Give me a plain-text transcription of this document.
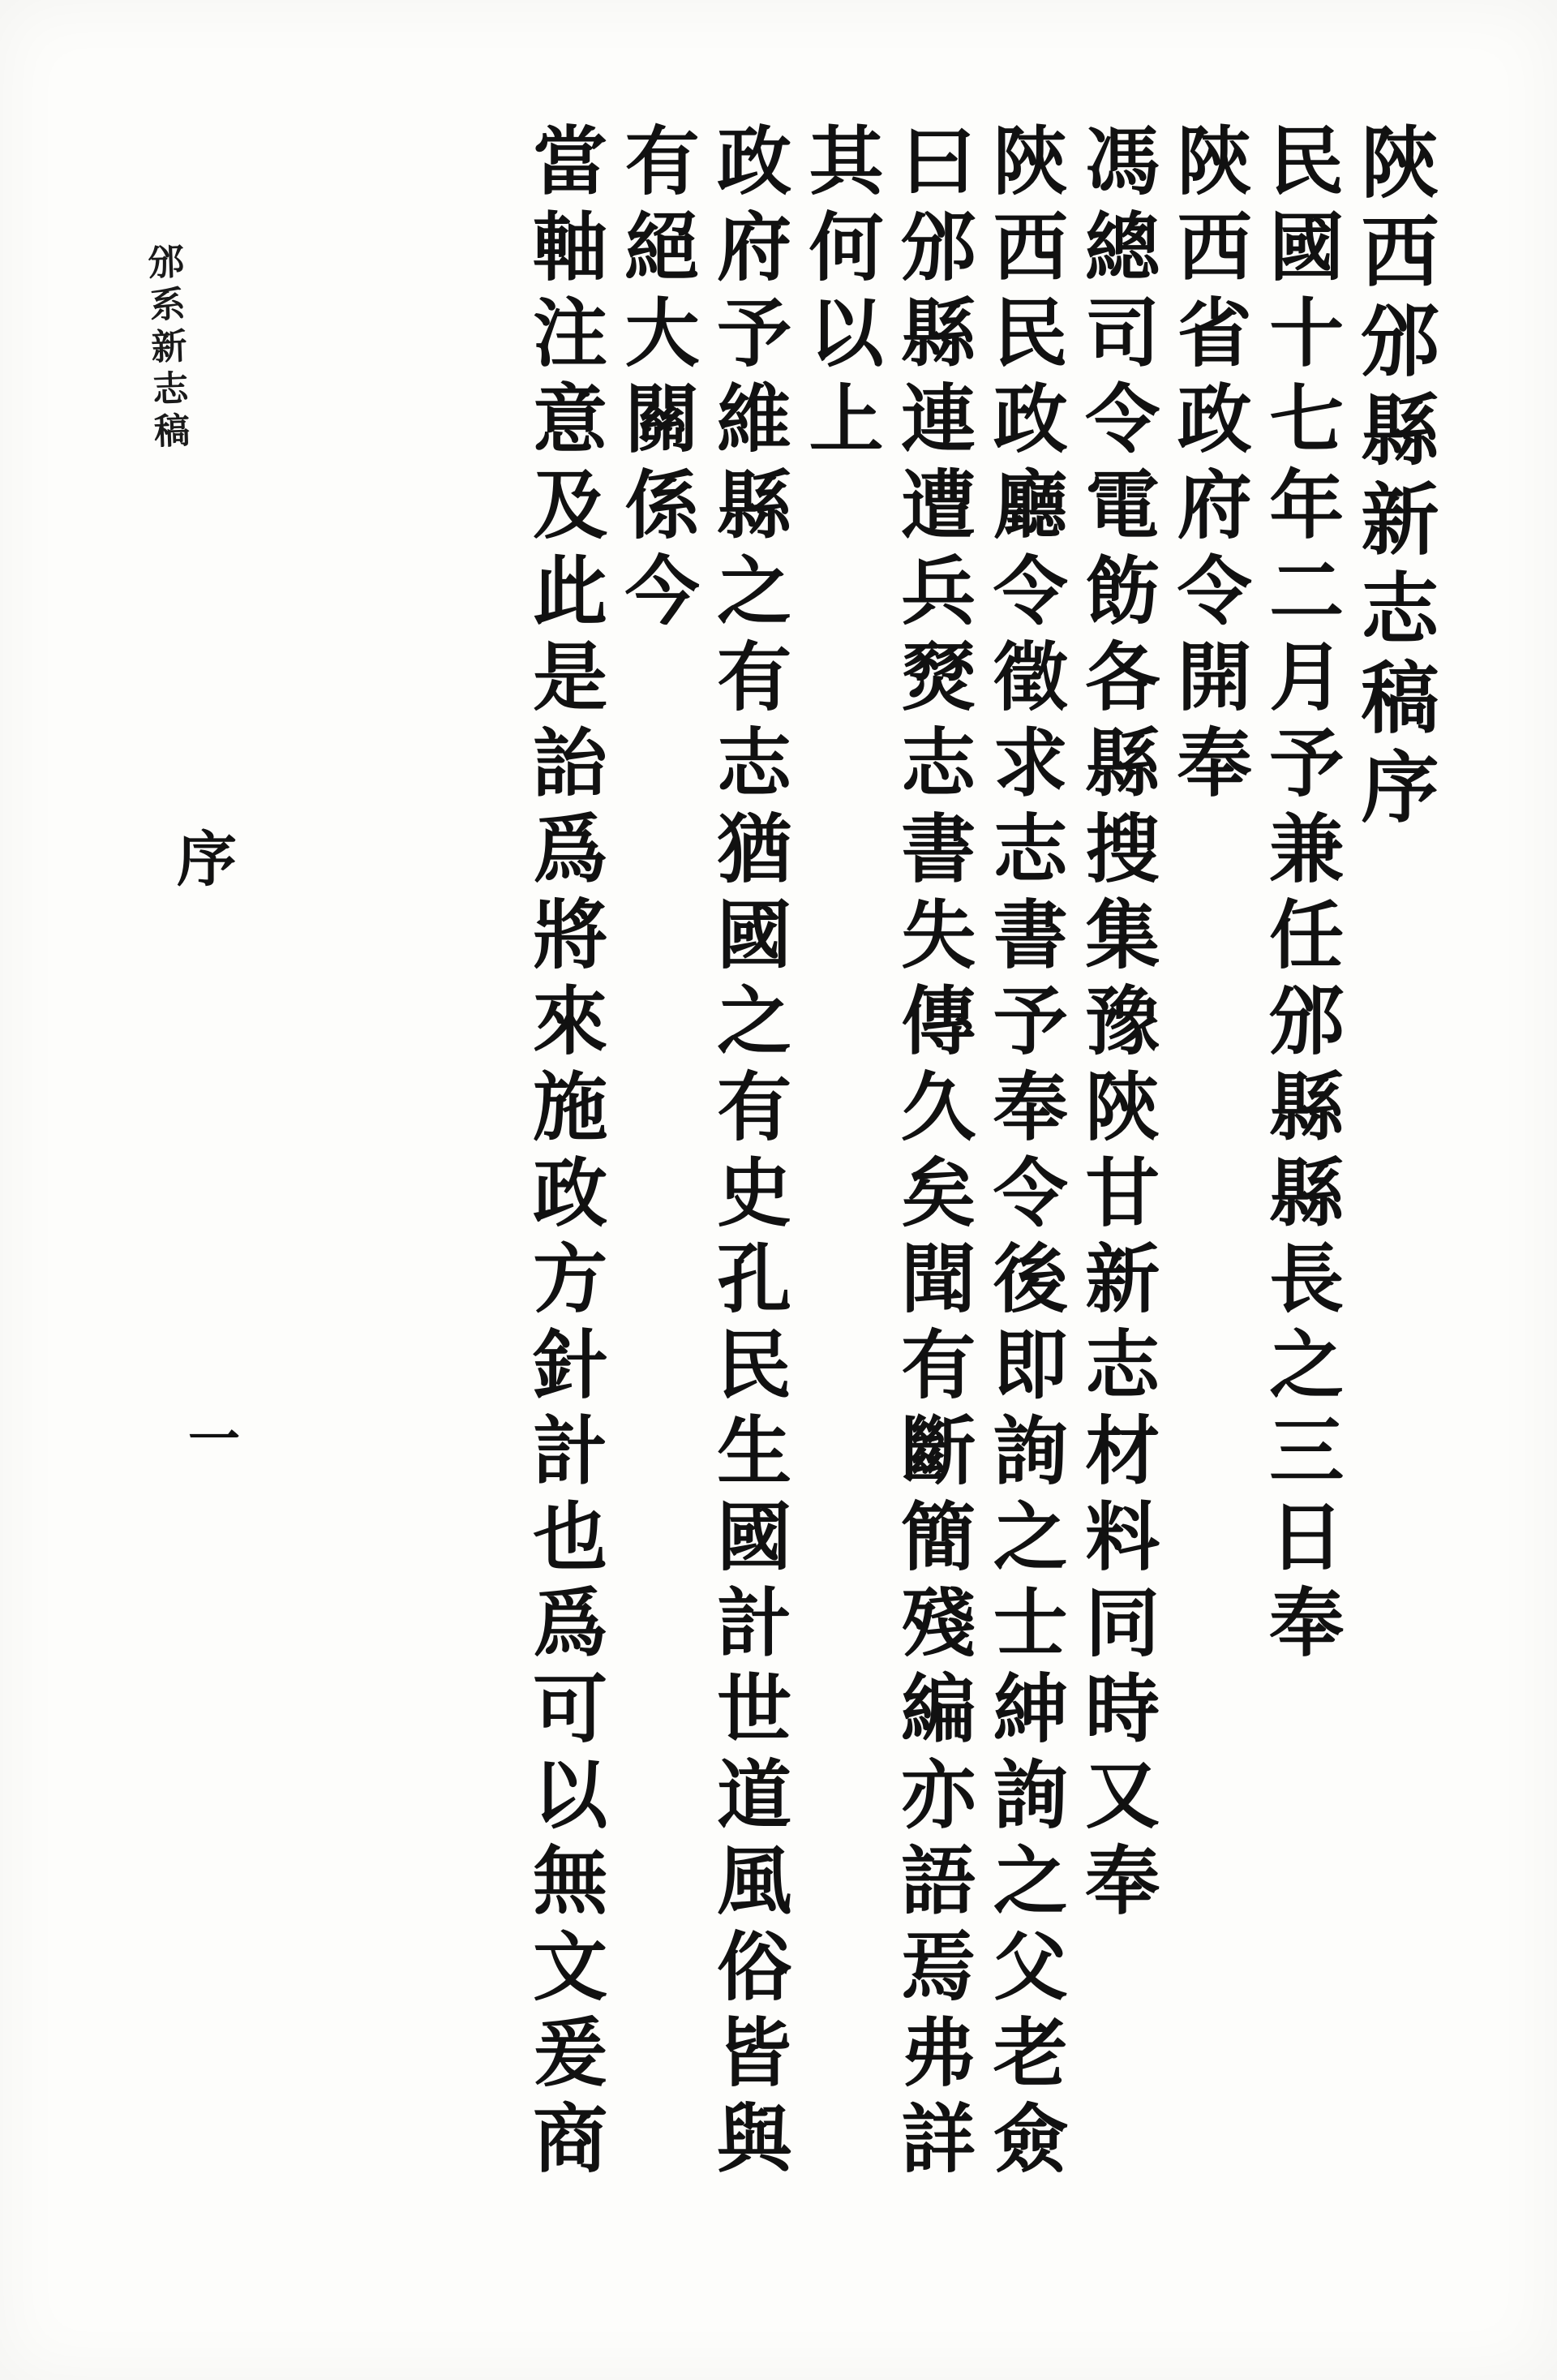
陝西邠縣新志稿序
民國十七年二月予兼任邠縣縣長之三日奉
陝西省政府令開奉
馮總司令電飭各縣搜集豫陝甘新志材料同時又奉
陝西民政廳令徵求志書予奉令後即詢之士紳詢之父老僉
曰邠縣連遭兵燹志書失傳久矣聞有斷簡殘編亦語焉弗詳
其何以上
政府予維縣之有志猶國之有史孔民生國計世道風俗皆與
有絕大關係今
當軸注意及此是詒爲將來施政方針計也爲可以無文爰商
邠系新志稿
序
一
